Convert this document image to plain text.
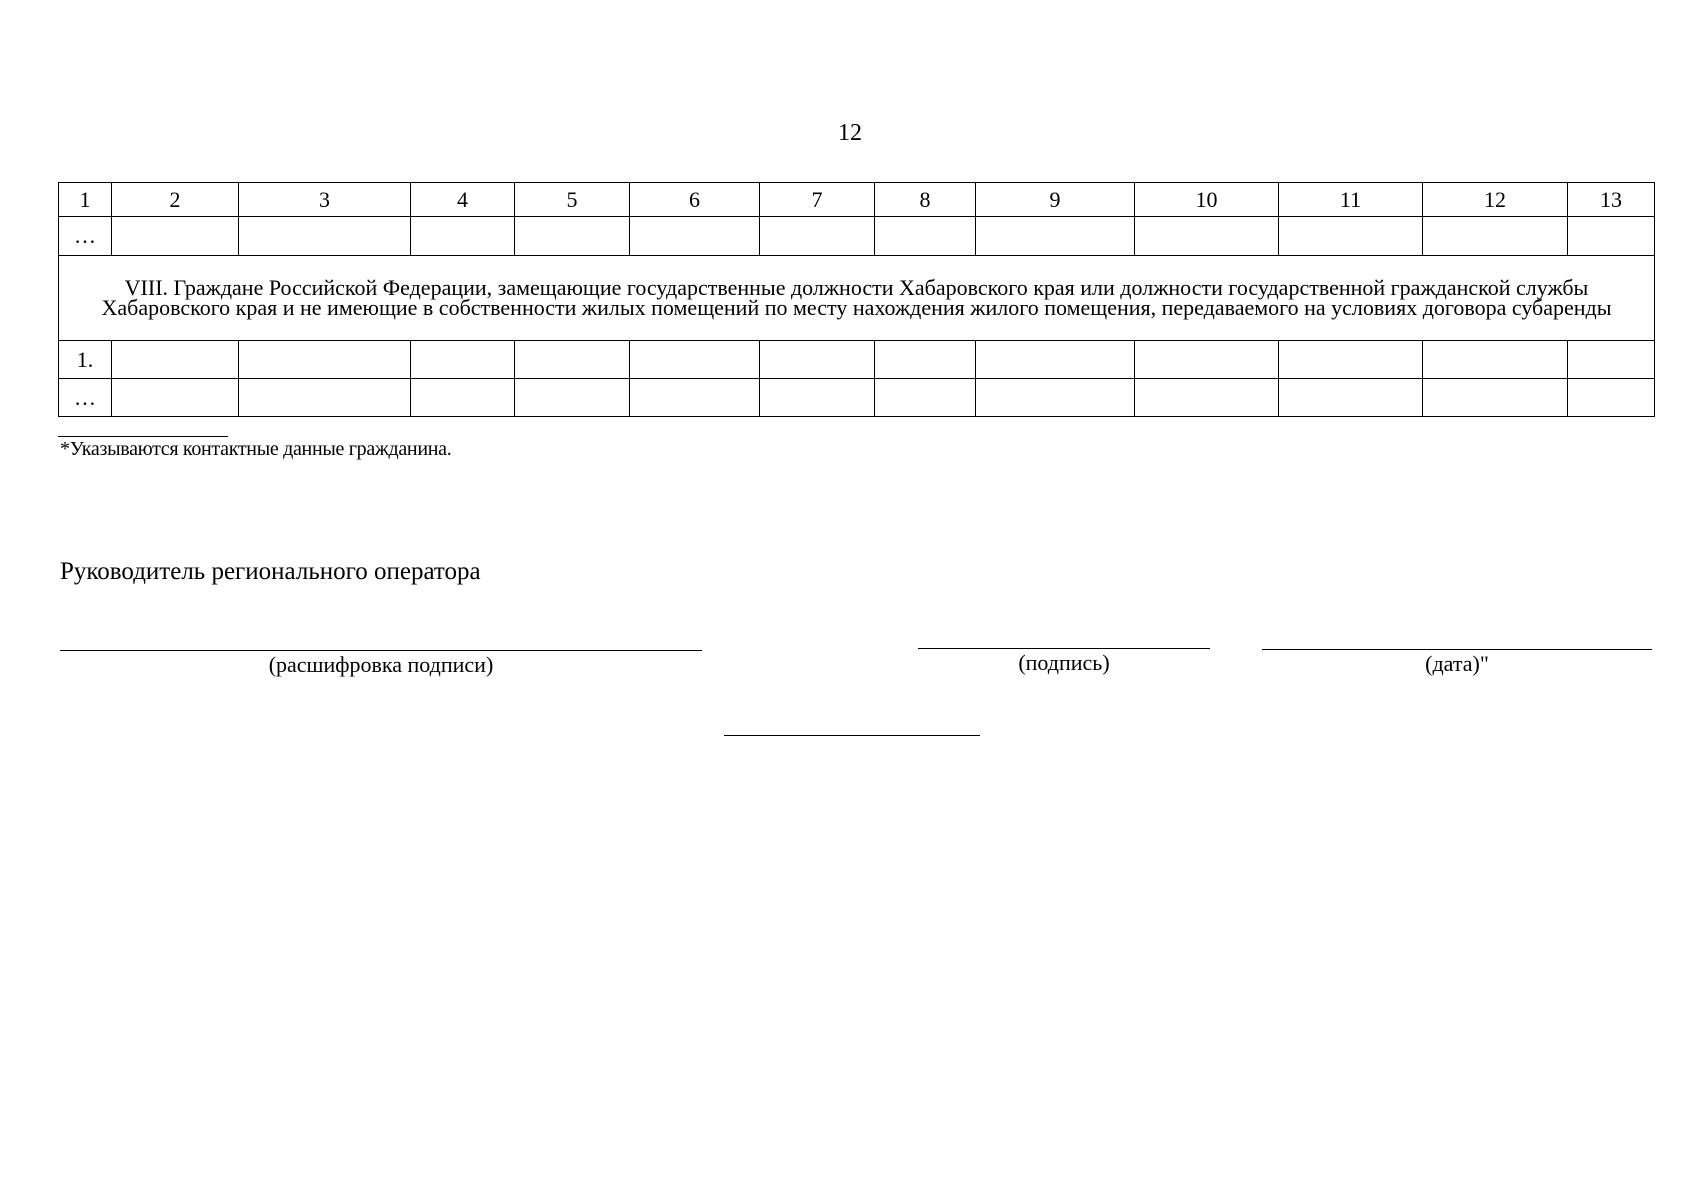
12
1	2	3	4	5	6	7	8	9	10	11	12	13
…												
VIII. Граждане Российской Федерации, замещающие государственные должности Хабаровского края или должности государственной гражданской службы Хабаровского края и не имеющие в собственности жилых помещений по месту нахождения жилого помещения, передаваемого на условиях договора субаренды												
1.												
…												
*Указываются контактные данные гражданина.
Руководитель регионального оператора
(расшифровка подписи)	(подпись)	(дата)"
